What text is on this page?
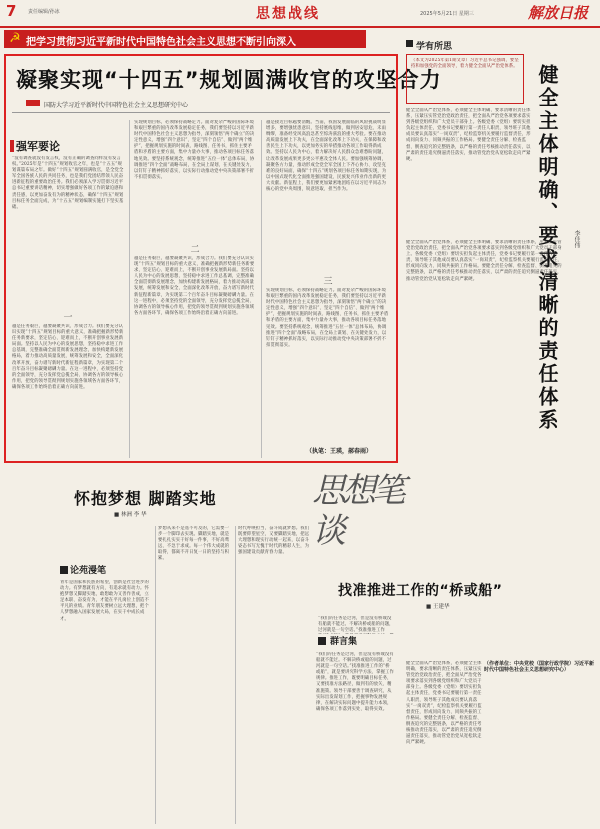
7 责任编辑/孙冰	思想战线	2025年5月21日 星期三	解放日报
☭ 把学习贯彻习近平新时代中国特色社会主义思想不断引向深入
凝聚实现“十四五”规划圆满收官的攻坚合力
国防大学习近平新时代中国特色社会主义思想研究中心
强军要论
“没有调查就没有发言权，没有正确的调查同样没有发言权。”2025年是“十四五”规划收官之年，也是“十五五”规划谋篇布局之年。做好“十四五”规划圆满收官，是全党全军全国各族人民的共同任务，也是我们党团结带领人民奋进新征程的重要政治任务。我们必须深入学习贯彻习近平总书记重要讲话精神，切实增强做好各项工作的紧迫感和责任感，以更加奋发有为的精神状态，确保“十四五”规划目标任务全面完成，为“十五五”规划编制实施打下坚实基础。
一
越是任务艰巨，越要凝聚共识、形成合力。我们要充分认识实现“十四五”规划目标的重大意义，准确把握新形势新任务新要求，坚定信心、迎难而上，不断开创事业发展新局面。坚持以人民为中心的发展思想，坚持稳中求进工作总基调，完整准确全面贯彻新发展理念，加快构建新发展格局，着力推动高质量发展，统筹发展和安全，全面深化改革开放，奋力谱写新时代新征程新篇章，为实现第二个百年奋斗目标凝聚磅礴力量。在这一进程中，必须坚持党的全面领导，充分发挥党总揽全局、协调各方的领导核心作用，把党的领导贯彻到规划实施各领域各方面各环节，确保各项工作始终沿着正确方向前进。
实现规划目标，必须保持战略定力。面对复杂严峻的国际环境和艰巨繁重的国内改革发展稳定任务，我们要坚持以习近平新时代中国特色社会主义思想为指导，深刻领悟“两个确立”的决定性意义，增强“四个意识”、坚定“四个自信”、做到“两个维护”，把握规划实施的时间表、路线图、任务书，抓住主要矛盾和矛盾的主要方面，集中力量办大事，推动各项目标任务落地见效。要坚持系统观念，统筹推进“五位一体”总体布局，协调推进“四个全面”战略布局，在全局上谋划、在关键处发力，以钉钉子精神抓好落实，以实际行动推动党中央决策部署不折不扣贯彻落实。
二
越是任务艰巨，越要凝聚共识、形成合力。我们要充分认识实现“十四五”规划目标的重大意义，准确把握新形势新任务新要求，坚定信心、迎难而上，不断开创事业发展新局面。坚持以人民为中心的发展思想，坚持稳中求进工作总基调，完整准确全面贯彻新发展理念，加快构建新发展格局，着力推动高质量发展，统筹发展和安全，全面深化改革开放，奋力谱写新时代新征程新篇章，为实现第二个百年奋斗目标凝聚磅礴力量。在这一进程中，必须坚持党的全面领导，充分发挥党总揽全局、协调各方的领导核心作用，把党的领导贯彻到规划实施各领域各方面各环节，确保各项工作始终沿着正确方向前进。
越是接近目标越要清醒。当前，我国发展面临的风险挑战明显增多，要增强忧患意识，坚持底线思维，做到居安思危、未雨绸缪，准备经受风高浪急甚至惊涛骇浪的重大考验。要在推动高质量发展上下功夫，在全面深化改革上下功夫，在保障和改善民生上下功夫，以更加务实的举措推动各项工作取得新成效。坚持以人民为中心，着力解决好人民群众急难愁盼问题，让改革发展成果更多更公平惠及全体人民。要加强统筹协调，凝聚各方力量，推动形成全党全军全国上下齐心协力、攻坚克难的良好局面，确保“十四五”规划各项目标任务如期实现，为以中国式现代化全面推进强国建设、民族复兴伟业作出新的更大贡献。新征程上，我们要更加紧密地团结在以习近平同志为核心的党中央周围，锐意进取、担当作为。
三
实现规划目标，必须保持战略定力。面对复杂严峻的国际环境和艰巨繁重的国内改革发展稳定任务，我们要坚持以习近平新时代中国特色社会主义思想为指导，深刻领悟“两个确立”的决定性意义，增强“四个意识”、坚定“四个自信”、做到“两个维护”，把握规划实施的时间表、路线图、任务书，抓住主要矛盾和矛盾的主要方面，集中力量办大事，推动各项目标任务落地见效。要坚持系统观念，统筹推进“五位一体”总体布局，协调推进“四个全面”战略布局，在全局上谋划、在关键处发力，以钉钉子精神抓好落实，以实际行动推动党中央决策部署不折不扣贯彻落实。
（执笔：王瑛，郝春雨）
学有所思
（本文为2025年第1期文章）习近平总书记强调，要坚持和加强党的全面领导，着力健全全面从严治党体系。 健全主体明确、要求清晰的责任体系	李佳伟
健全全面从严治党体系，必须健全主体明确、要求清晰的责任体系，压紧压实管党治党政治责任，把全面从严治党各项要求落实到各级党组织和广大党员干部身上。各级党委（党组）要切实担负起主体责任，党委书记要履行第一责任人职责，领导班子其他成员要认真落实“一岗双责”，纪检监察机关要履行监督责任，形成同向发力、同频共振的工作格局。要健全责任分解、检查监督、倒查追究的完整链条，以严格的责任考核推动责任落实，以严肃的责任追究倒逼责任落实，推动管党治党从宽松软走向严紧硬。
健全全面从严治党体系，必须健全主体明确、要求清晰的责任体系，压紧压实管党治党政治责任，把全面从严治党各项要求落实到各级党组织和广大党员干部身上。各级党委（党组）要切实担负起主体责任，党委书记要履行第一责任人职责，领导班子其他成员要认真落实“一岗双责”，纪检监察机关要履行监督责任，形成同向发力、同频共振的工作格局。要健全责任分解、检查监督、倒查追究的完整链条，以严格的责任考核推动责任落实，以严肃的责任追究倒逼责任落实，推动管党治党从宽松软走向严紧硬。
健全全面从严治党体系，必须健全主体明确、要求清晰的责任体系，压紧压实管党治党政治责任，把全面从严治党各项要求落实到各级党组织和广大党员干部身上。各级党委（党组）要切实担负起主体责任，党委书记要履行第一责任人职责，领导班子其他成员要认真落实“一岗双责”，纪检监察机关要履行监督责任，形成同向发力、同频共振的工作格局。要健全责任分解、检查监督、倒查追究的完整链条，以严格的责任考核推动责任落实，以严肃的责任追究倒逼责任落实，推动管党治党从宽松软走向严紧硬。
（作者单位：中央党校（国家行政学院）习近平新时代中国特色社会主义思想研究中心）
怀抱梦想 脚踏实地
■ 林洲 李 华
思想笔谈
论苑漫笔
青年是国家和民族的希望，创新是社会进步的动力。有梦想就有方向，有追求就有动力。怀抱梦想又脚踏实地，敢想敢为又善作善成，立足本职、奋发有为，才能在平凡岗位上创造不平凡的业绩。青年朋友要树立远大理想，把个人梦想融入国家发展大局，在实干中成长成才。
梦想从来不是遥不可及的，它需要一步一个脚印去实现。脚踏实地，就是要扎扎实实干好每一件事，不好高骛远、不急于求成。每一个伟大成就的取得，都离不开日复一日的坚持与积累。
时代呼唤担当，奋斗成就梦想。我们既要仰望星空，又要脚踏实地，把远大理想和现实行动统一起来，以奋斗姿态书写无愧于时代的精彩人生，为强国建设贡献青春力量。
找准推进工作的“桥或船”
■ 王建华
群言集
“我们的任务是过河，但是没有桥或没有船就不能过。不解决桥或船的问题，过河就是一句空话。”找准推进工作的“桥或船”，就是要讲究科学方法、掌握工作规律。推进工作，既要明确目标任务，又要找准方法路径，做到有的放矢、精准施策。领导干部要善于调查研究，从实际出发谋划工作，把握事物发展规律，在解决实际问题中提升能力本领，确保各项工作落到实处、取得实效。
“我们的任务是过河，但是没有桥或没有船就不能过。不解决桥或船的问题，过河就是一句空话。”找准推进工作
